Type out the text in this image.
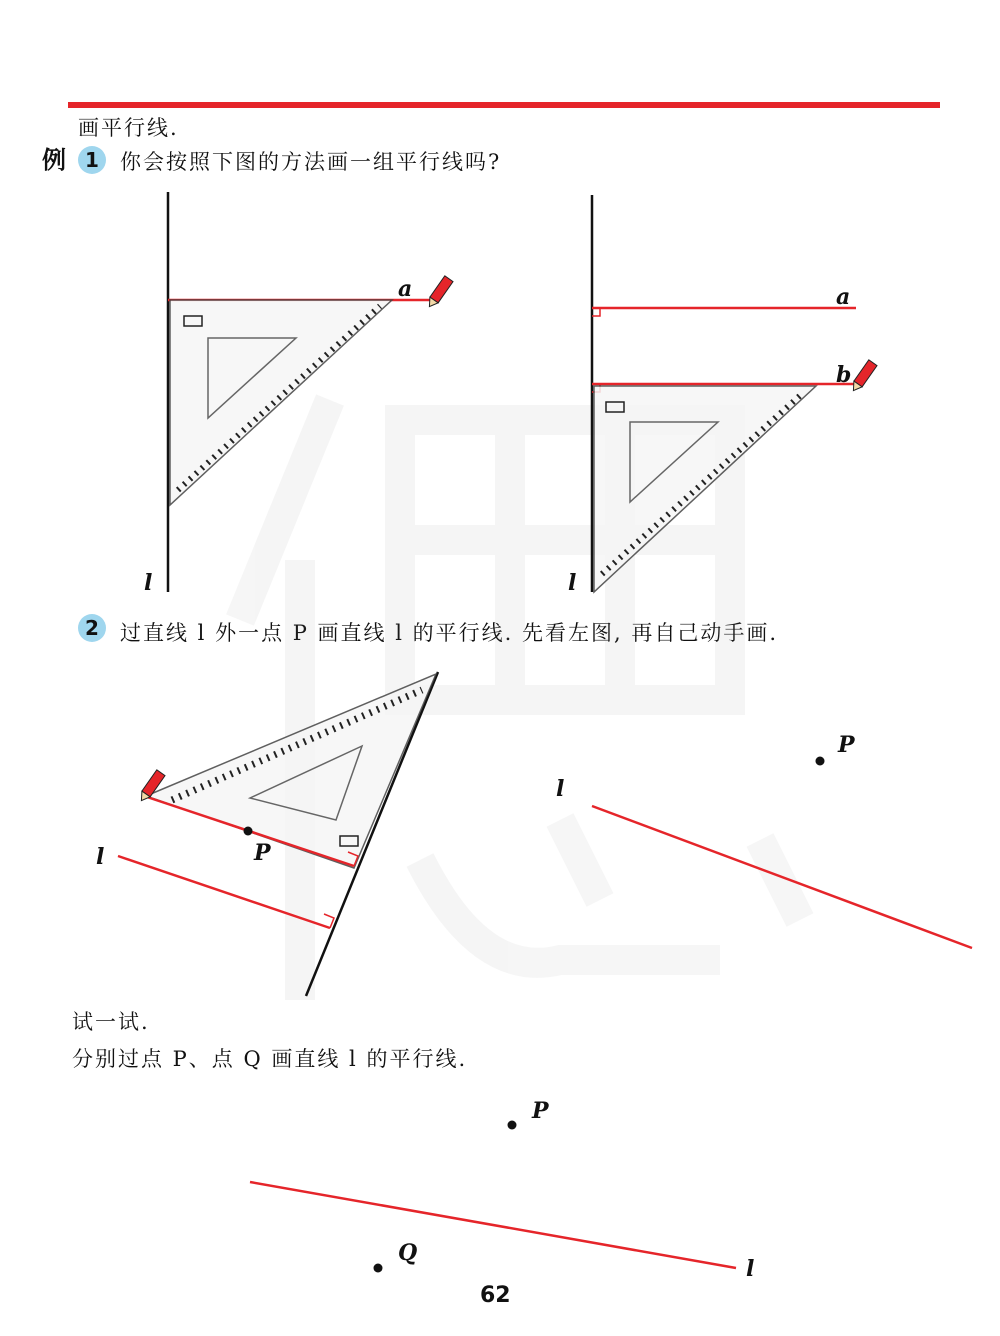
画平行线.
例 1	你会按照下图的方法画一组平行线吗?
2	过直线 l 外一点 P 画直线 l 的平行线. 先看左图, 再自己动手画.
试一试.
分别过点 P、点 Q 画直线 l 的平行线.
a
l
a
b
l
P
l
P
l
P
Q
l
62
